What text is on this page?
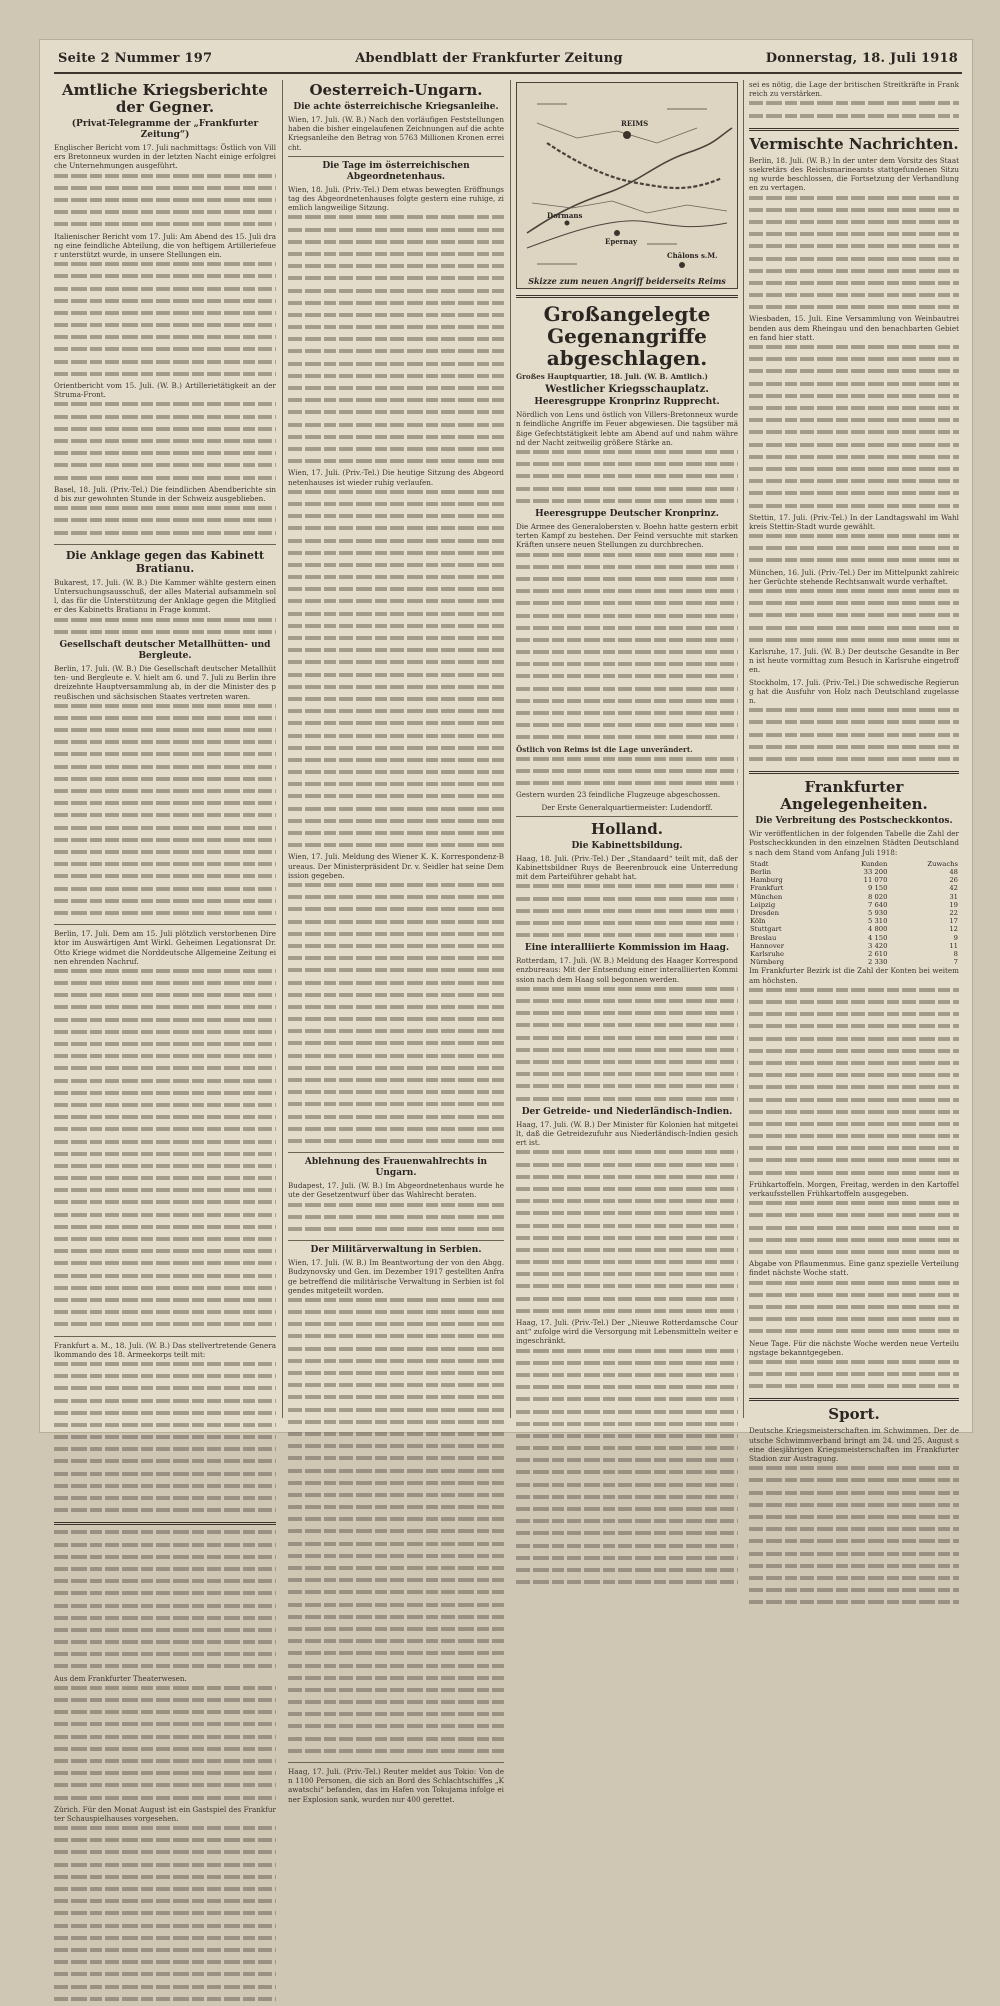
Seite 2 Nummer 197	Abendblatt der Frankfurter Zeitung	Donnerstag, 18. Juli 1918
Amtliche Kriegsberichte der Gegner.
(Privat-Telegramme der „Frankfurter Zeitung“)

Englischer Bericht vom 17. Juli nachmittags: Östlich von Villers Bretonneux wurden in der letzten Nacht einige erfolgreiche Unternehmungen ausgeführt.

Italienischer Bericht vom 17. Juli: Am Abend des 15. Juli drang eine feindliche Abteilung, die von heftigem Artilleriefeuer unterstützt wurde, in unsere Stellungen ein.

Orientbericht vom 15. Juli. (W. B.) Artillerietätigkeit an der Struma-Front.

Basel, 18. Juli. (Priv.-Tel.) Die feindlichen Abendberichte sind bis zur gewohnten Stunde in der Schweiz ausgeblieben.

Die Anklage gegen das Kabinett Bratianu.

Bukarest, 17. Juli. (W. B.) Die Kammer wählte gestern einen Untersuchungsausschuß, der alles Material aufsammeln soll, das für die Unterstützung der Anklage gegen die Mitglieder des Kabinetts Bratianu in Frage kommt.

Gesellschaft deutscher Metallhütten- und Bergleute.

Berlin, 17. Juli. (W. B.) Die Gesellschaft deutscher Metallhütten- und Bergleute e. V. hielt am 6. und 7. Juli zu Berlin ihre dreizehnte Hauptversammlung ab, in der die Minister des preußischen und sächsischen Staates vertreten waren.

Berlin, 17. Juli. Dem am 15. Juli plötzlich verstorbenen Direktor im Auswärtigen Amt Wirkl. Geheimen Legationsrat Dr. Otto Kriege widmet die Norddeutsche Allgemeine Zeitung einen ehrenden Nachruf.

Frankfurt a. M., 18. Juli. (W. B.) Das stellvertretende Generalkommando des 18. Armeekorps teilt mit:

Aus dem Frankfurter Theaterwesen.

Zürich. Für den Monat August ist ein Gastspiel des Frankfurter Schauspielhauses vorgesehen.

Oesterreich-Ungarn.
Die achte österreichische Kriegsanleihe.

Wien, 17. Juli. (W. B.) Nach den vorläufigen Feststellungen haben die bisher eingelaufenen Zeichnungen auf die achte Kriegsanleihe den Betrag von 5763 Millionen Kronen erreicht.

Die Tage im österreichischen Abgeordnetenhaus.

Wien, 18. Juli. (Priv.-Tel.) Dem etwas bewegten Eröffnungstag des Abgeordnetenhauses folgte gestern eine ruhige, ziemlich langweilige Sitzung.

Wien, 17. Juli. (Priv.-Tel.) Die heutige Sitzung des Abgeordnetenhauses ist wieder ruhig verlaufen.

Wien, 17. Juli. Meldung des Wiener K. K. Korrespondenz-Bureaus. Der Ministerpräsident Dr. v. Seidler hat seine Demission gegeben.

Ablehnung des Frauenwahlrechts in Ungarn.

Budapest, 17. Juli. (W. B.) Im Abgeordnetenhaus wurde heute der Gesetzentwurf über das Wahlrecht beraten.

Der Militärverwaltung in Serbien.

Wien, 17. Juli. (W. B.) Im Beantwortung der von den Abgg. Budzynovsky und Gen. im Dezember 1917 gestellten Anfrage betreffend die militärische Verwaltung in Serbien ist folgendes mitgeteilt worden.

Haag, 17. Juli. (Priv.-Tel.) Reuter meldet aus Tokio: Von den 1100 Personen, die sich an Bord des Schlachtschiffes „Kawatschi“ befanden, das im Hafen von Tokujama infolge einer Explosion sank, wurden nur 400 gerettet.

REIMS
Epernay
Châlons s.M.
Dormans
Skizze zum neuen Angriff beiderseits Reims
Großangelegte Gegenangriffe abgeschlagen.

Großes Hauptquartier, 18. Juli. (W. B. Amtlich.)

Westlicher Kriegsschauplatz.
Heeresgruppe Kronprinz Rupprecht.

Nördlich von Lens und östlich von Villers-Bretonneux wurden feindliche Angriffe im Feuer abgewiesen. Die tagsüber mäßige Gefechtstätigkeit lebte am Abend auf und nahm während der Nacht zeitweilig größere Stärke an.

Heeresgruppe Deutscher Kronprinz.

Die Armee des Generalobersten v. Boehn hatte gestern erbitterten Kampf zu bestehen. Der Feind versuchte mit starken Kräften unsere neuen Stellungen zu durchbrechen.

Östlich von Reims ist die Lage unverändert.

Gestern wurden 23 feindliche Flugzeuge abgeschossen.

Der Erste Generalquartiermeister: Ludendorff.

Holland.
Die Kabinettsbildung.

Haag, 18. Juli. (Priv.-Tel.) Der „Standaard“ teilt mit, daß der Kabinettsbildner Ruys de Beerenbrouck eine Unterredung mit dem Parteiführer gehabt hat.

Eine interalliierte Kommission im Haag.

Rotterdam, 17. Juli. (W. B.) Meldung des Haager Korrespondenzbureaus: Mit der Entsendung einer interalliierten Kommission nach dem Haag soll begonnen werden.

Der Getreide- und Niederländisch-Indien.

Haag, 17. Juli. (W. B.) Der Minister für Kolonien hat mitgeteilt, daß die Getreidezufuhr aus Niederländisch-Indien gesichert ist.

Haag, 17. Juli. (Priv.-Tel.) Der „Nieuwe Rotterdamsche Courant“ zufolge wird die Versorgung mit Lebensmitteln weiter eingeschränkt.

sei es nötig, die Lage der britischen Streitkräfte in Frankreich zu verstärken.

Vermischte Nachrichten.

Berlin, 18. Juli. (W. B.) In der unter dem Vorsitz des Staatssekretärs des Reichsmarineamts stattgefundenen Sitzung wurde beschlossen, die Fortsetzung der Verhandlungen zu vertagen.

Wiesbaden, 15. Juli. Eine Versammlung von Weinbautreibenden aus dem Rheingau und den benachbarten Gebieten fand hier statt.

Stettin, 17. Juli. (Priv.-Tel.) In der Landtagswahl im Wahlkreis Stettin-Stadt wurde gewählt.

München, 16. Juli. (Priv.-Tel.) Der im Mittelpunkt zahlreicher Gerüchte stehende Rechtsanwalt wurde verhaftet.

Karlsruhe, 17. Juli. (W. B.) Der deutsche Gesandte in Bern ist heute vormittag zum Besuch in Karlsruhe eingetroffen.

Stockholm, 17. Juli. (Priv.-Tel.) Die schwedische Regierung hat die Ausfuhr von Holz nach Deutschland zugelassen.

Frankfurter Angelegenheiten.
Die Verbreitung des Postscheckkontos.

Wir veröffentlichen in der folgenden Tabelle die Zahl der Postscheckkunden in den einzelnen Städten Deutschlands nach dem Stand vom Anfang Juli 1918:

Stadt	Kunden	Zuwachs
Berlin	33 200	48
Hamburg	11 070	26
Frankfurt	9 150	42
München	8 020	31
Leipzig	7 640	19
Dresden	5 930	22
Köln	5 310	17
Stuttgart	4 800	12
Breslau	4 150	9
Hannover	3 420	11
Karlsruhe	2 610	8
Nürnberg	2 330	7

Im Frankfurter Bezirk ist die Zahl der Konten bei weitem am höchsten.

Frühkartoffeln. Morgen, Freitag, werden in den Kartoffelverkaufsstellen Frühkartoffeln ausgegeben.

Abgabe von Pflaumenmus. Eine ganz spezielle Verteilung findet nächste Woche statt.

Neue Tage. Für die nächste Woche werden neue Verteilungstage bekanntgegeben.

Sport.

Deutsche Kriegsmeisterschaften im Schwimmen. Der deutsche Schwimmverband bringt am 24. und 25. August seine diesjährigen Kriegsmeisterschaften im Frankfurter Stadion zur Austragung.
